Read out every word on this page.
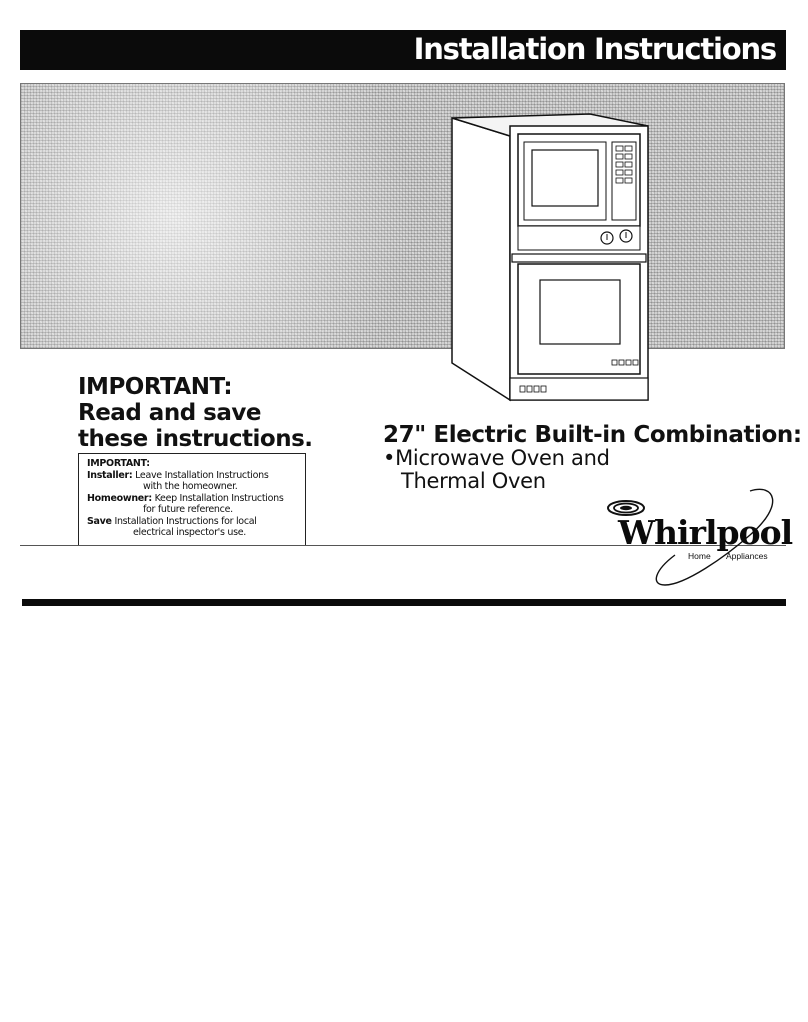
Installation Instructions
IMPORTANT:
Read and save
these instructions.
IMPORTANT:
Installer: Leave Installation Instructions
with the homeowner.
Homeowner: Keep Installation Instructions
for future reference.
Save Installation Instructions for local
electrical inspector's use.
27" Electric Built-in Combination:
•Microwave Oven and
Thermal Oven
Whirlpool
Home Appliances
